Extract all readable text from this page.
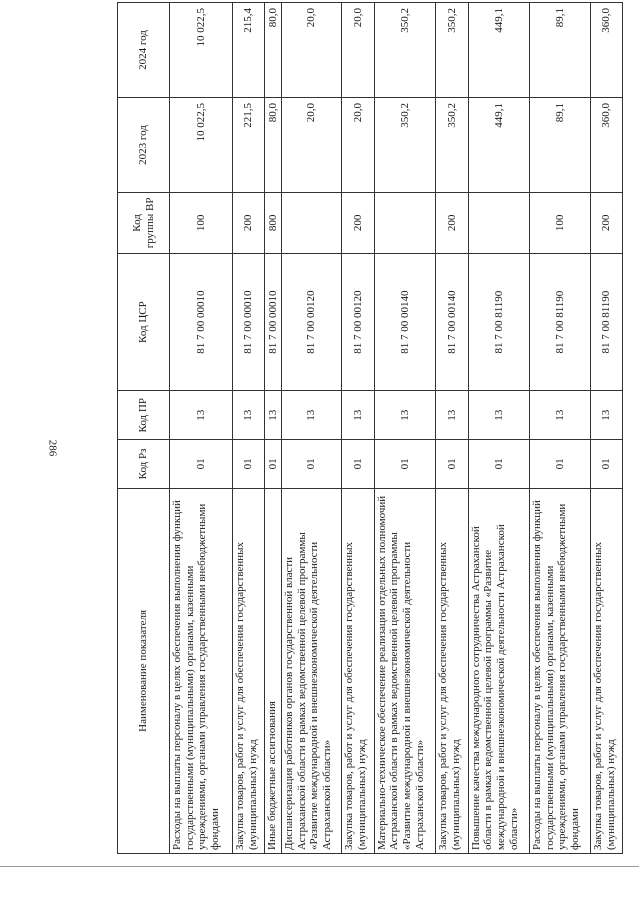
286
Наименование показателя	Код Рз	Код ПР	Код ЦСР	Код группы ВР	2023 год	2024 год
Расходы на выплаты персоналу в целях обеспечения выполнения функций государственными (муниципальными) органами, казенными учреждениями, органами управления государственными внебюджетными фондами	01	13	81 7 00 00010	100	10 022,5	10 022,5
Закупка товаров, работ и услуг для обеспечения государственных (муниципальных) нужд	01	13	81 7 00 00010	200	221,5	215,4
Иные бюджетные ассигнования	01	13	81 7 00 00010	800	80,0	80,0
Диспансеризация работников органов государственной власти Астраханской области в рамках ведомственной целевой программы «Развитие международной и внешнеэкономической деятельности Астраханской области»	01	13	81 7 00 00120		20,0	20,0
Закупка товаров, работ и услуг для обеспечения государственных (муниципальных) нужд	01	13	81 7 00 00120	200	20,0	20,0
Материально-техническое обеспечение реализации отдельных полномочий Астраханской области в рамках ведомственной целевой программы «Развитие международной и внешнеэкономической деятельности Астраханской области»	01	13	81 7 00 00140		350,2	350,2
Закупка товаров, работ и услуг для обеспечения государственных (муниципальных) нужд	01	13	81 7 00 00140	200	350,2	350,2
Повышение качества международного сотрудничества Астраханской области в рамках ведомственной целевой программы «Развитие международной и внешнеэкономической деятельности Астраханской области»	01	13	81 7 00 81190		449,1	449,1
Расходы на выплаты персоналу в целях обеспечения выполнения функций государственными (муниципальными) органами, казенными учреждениями, органами управления государственными внебюджетными фондами	01	13	81 7 00 81190	100	89,1	89,1
Закупка товаров, работ и услуг для обеспечения государственных (муниципальных) нужд	01	13	81 7 00 81190	200	360,0	360,0
